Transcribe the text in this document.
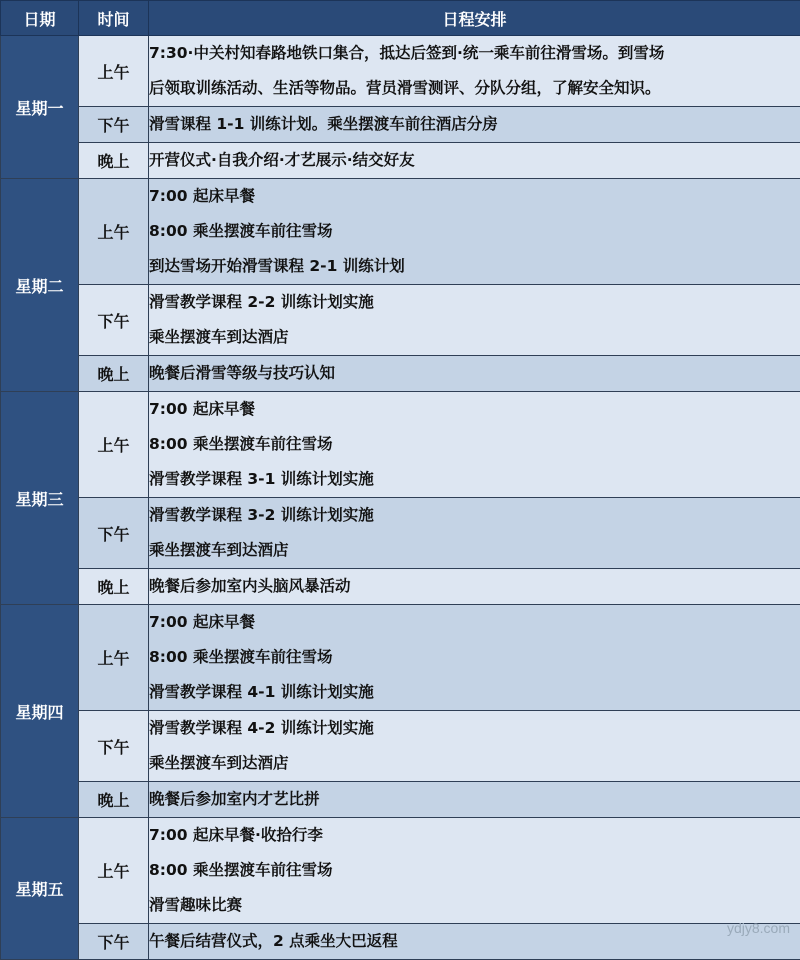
日期	时间	日程安排
星期一	上午	7:30·中关村知春路地铁口集合，抵达后签到·统一乘车前往滑雪场。到雪场
后领取训练活动、生活等物品。营员滑雪测评、分队分组，了解安全知识。

	下午	滑雪课程 1-1 训练计划。乘坐摆渡车前往酒店分房

	晚上	开营仪式·自我介绍·才艺展示·结交好友

星期二	上午	7:00 起床早餐
8:00 乘坐摆渡车前往雪场
到达雪场开始滑雪课程 2-1 训练计划

	下午	滑雪教学课程 2-2 训练计划实施
乘坐摆渡车到达酒店

	晚上	晚餐后滑雪等级与技巧认知

星期三	上午	7:00 起床早餐
8:00 乘坐摆渡车前往雪场
滑雪教学课程 3-1 训练计划实施

	下午	滑雪教学课程 3-2 训练计划实施
乘坐摆渡车到达酒店

	晚上	晚餐后参加室内头脑风暴活动

星期四	上午	7:00 起床早餐
8:00 乘坐摆渡车前往雪场
滑雪教学课程 4-1 训练计划实施

	下午	滑雪教学课程 4-2 训练计划实施
乘坐摆渡车到达酒店

	晚上	晚餐后参加室内才艺比拼

星期五	上午	7:00 起床早餐·收拾行李
8:00 乘坐摆渡车前往雪场
滑雪趣味比赛

	下午	午餐后结营仪式，2 点乘坐大巴返程
ydjy8.com
